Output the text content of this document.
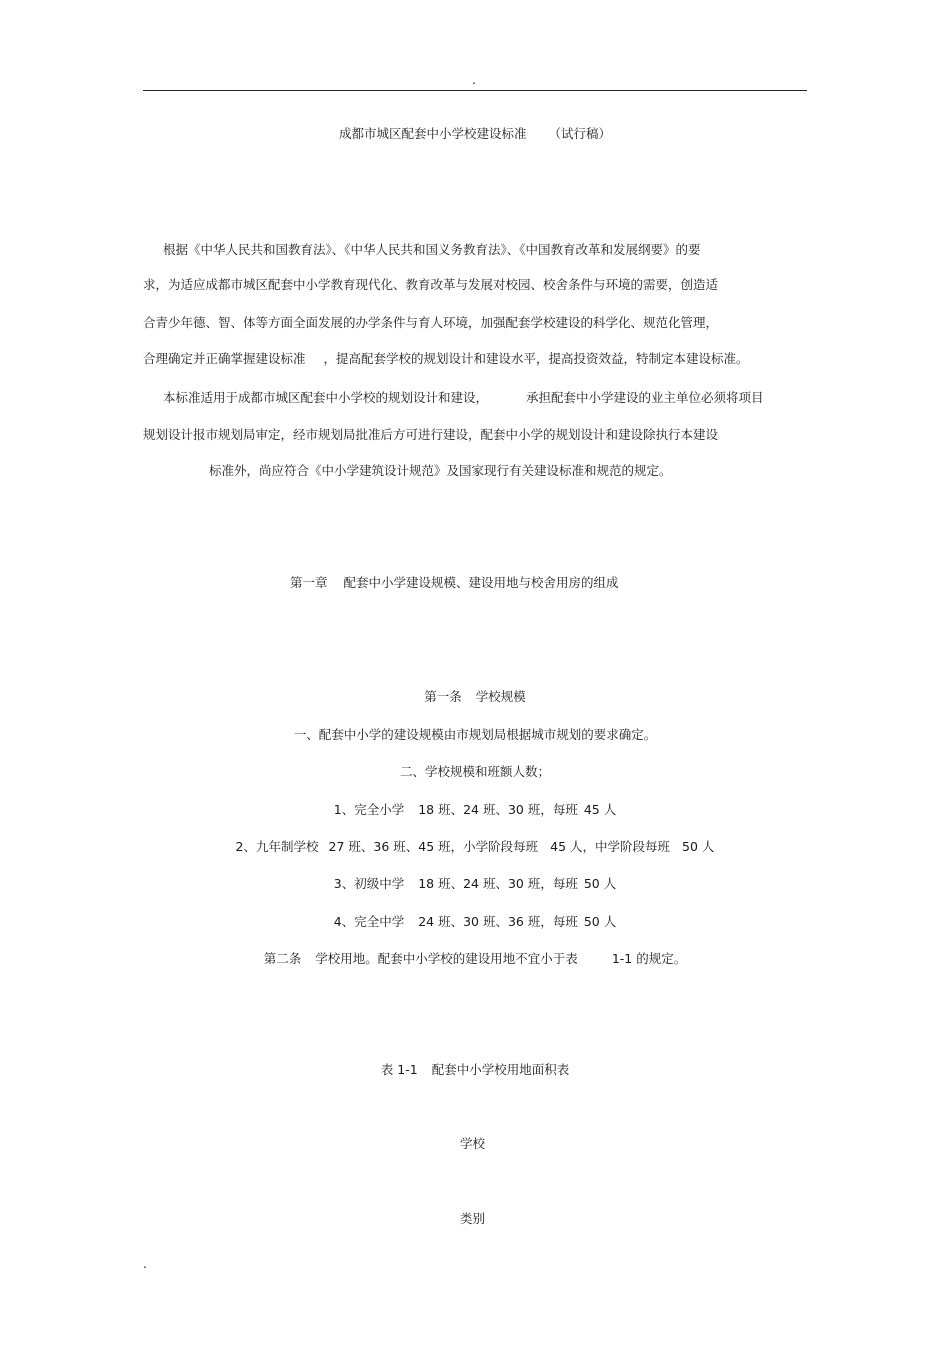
.
成都市城区配套中小学校建设标准 （试行稿）
根据《中华人民共和国教育法》、《中华人民共和国义务教育法》、《中国教育改革和发展纲要》的要
求，为适应成都市城区配套中小学教育现代化、教育改革与发展对校园、校舍条件与环境的需要，创造适
合青少年德、智、体等方面全面发展的办学条件与育人环境，加强配套学校建设的科学化、规范化管理，
合理确定并正确掌握建设标准 ，提高配套学校的规划设计和建设水平，提高投资效益，特制定本建设标准。
本标准适用于成都市城区配套中小学校的规划设计和建设，	承担配套中小学建设的业主单位必须将项目
规划设计报市规划局审定，经市规划局批准后方可进行建设，配套中小学的规划设计和建设除执行本建设
标准外，尚应符合《中小学建筑设计规范》及国家现行有关建设标准和规范的规定。
第一章 配套中小学建设规模、建设用地与校舍用房的组成
第一条 学校规模
一、配套中小学的建设规模由市规划局根据城市规划的要求确定。
二、学校规模和班额人数；
1、完全小学 18 班、24 班、30 班，每班 45 人
2、九年制学校 27 班、36 班、45 班，小学阶段每班 45 人，中学阶段每班 50 人
3、初级中学 18 班、24 班、30 班，每班 50 人
4、完全中学 24 班、30 班、36 班，每班 50 人
第二条 学校用地。配套中小学校的建设用地不宜小于表	1-1 的规定。
表 1-1 配套中小学校用地面积表
学校
类别
.
